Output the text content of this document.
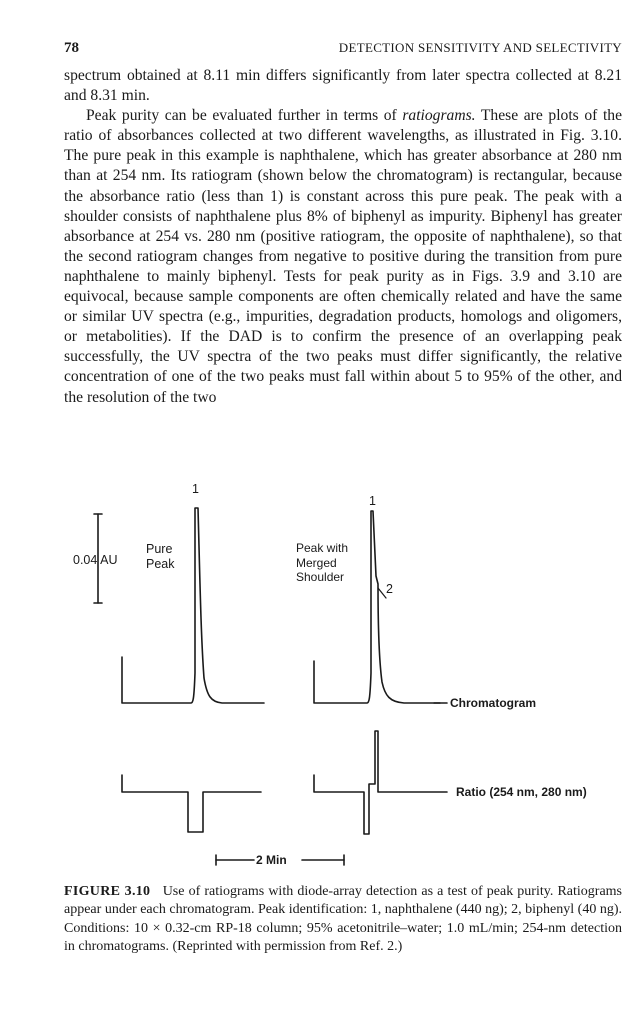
78	DETECTION SENSITIVITY AND SELECTIVITY

spectrum obtained at 8.11 min differs significantly from later spectra collected at 8.21 and 8.31 min.

Peak purity can be evaluated further in terms of ratiograms. These are plots of the ratio of absorbances collected at two different wavelengths, as illustrated in Fig. 3.10. The pure peak in this example is naphthalene, which has greater absorbance at 280 nm than at 254 nm. Its ratiogram (shown below the chromatogram) is rectangular, because the absorbance ratio (less than 1) is constant across this pure peak. The peak with a shoulder consists of naphthalene plus 8% of biphenyl as impurity. Biphenyl has greater absorbance at 254 vs. 280 nm (positive ratiogram, the opposite of naphthalene), so that the second ratiogram changes from negative to positive during the transition from pure naphthalene to mainly biphenyl. Tests for peak purity as in Figs. 3.9 and 3.10 are equivocal, because sample components are often chemically related and have the same or similar UV spectra (e.g., impurities, degradation products, homologs and oligomers, or metabolities). If the DAD is to confirm the presence of an overlapping peak successfully, the UV spectra of the two peaks must differ significantly, the relative concentration of one of the two peaks must fall within about 5 to 95% of the other, and the resolution of the two

0.04 AU
Pure Peak
1
Peak with Merged Shoulder
1
2
Chromatogram
Ratio (254 nm, 280 nm)
2 Min
FIGURE 3.10 Use of ratiograms with diode-array detection as a test of peak purity. Ratiograms appear under each chromatogram. Peak identification: 1, naphthalene (440 ng); 2, biphenyl (40 ng). Conditions: 10 × 0.32-cm RP-18 column; 95% acetonitrile–water; 1.0 mL/min; 254-nm detection in chromatograms. (Reprinted with permission from Ref. 2.)
